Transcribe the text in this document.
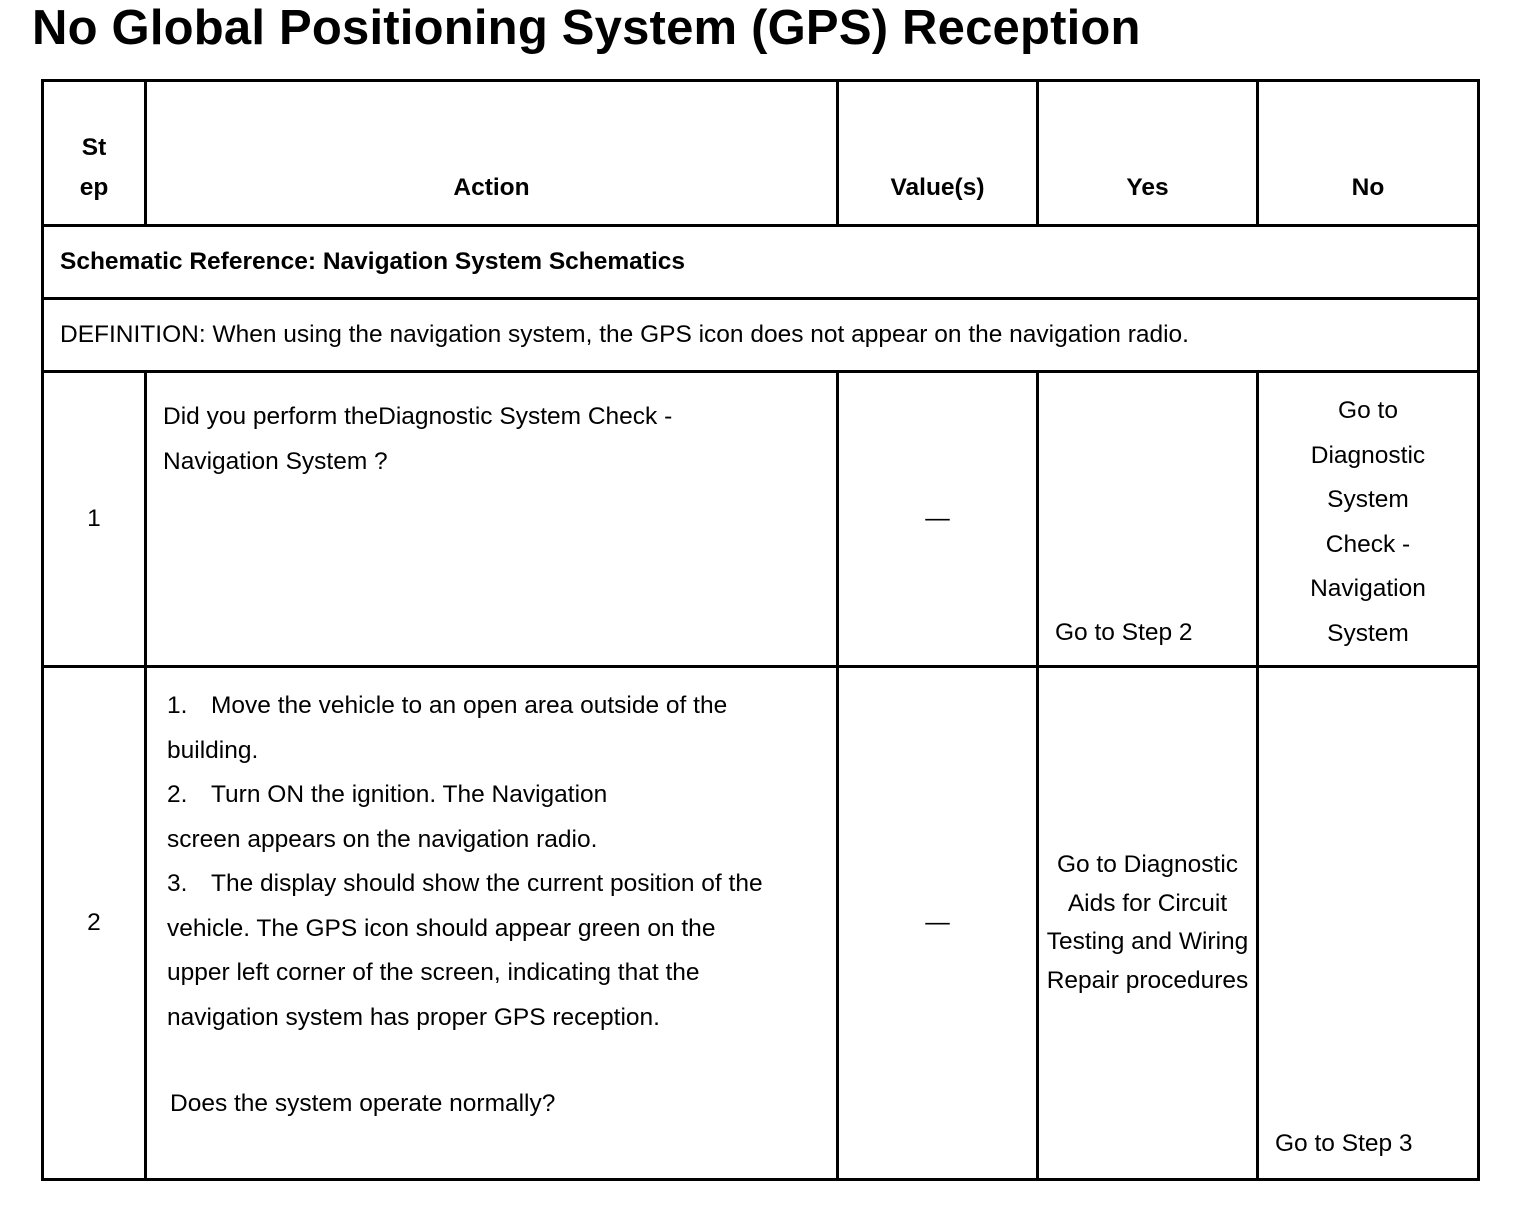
No Global Positioning System (GPS) Reception
St ep	Action	Value(s)	Yes	No
Schematic Reference: Navigation System Schematics				
DEFINITION: When using the navigation system, the GPS icon does not appear on the navigation radio.				
1	Did you perform theDiagnostic System Check - Navigation System ?	—	Go to Step 2	Go to Diagnostic System Check - Navigation System
2	1. Move the vehicle to an open area outside of the building.

2. Turn ON the ignition. The Navigation screen appears on the navigation radio.

3. The display should show the current position of the vehicle. The GPS icon should appear green on the upper left corner of the screen, indicating that the navigation system has proper GPS reception.

Does the system operate normally?	—	Go to Diagnostic Aids for Circuit Testing and Wiring Repair procedures	Go to Step 3
